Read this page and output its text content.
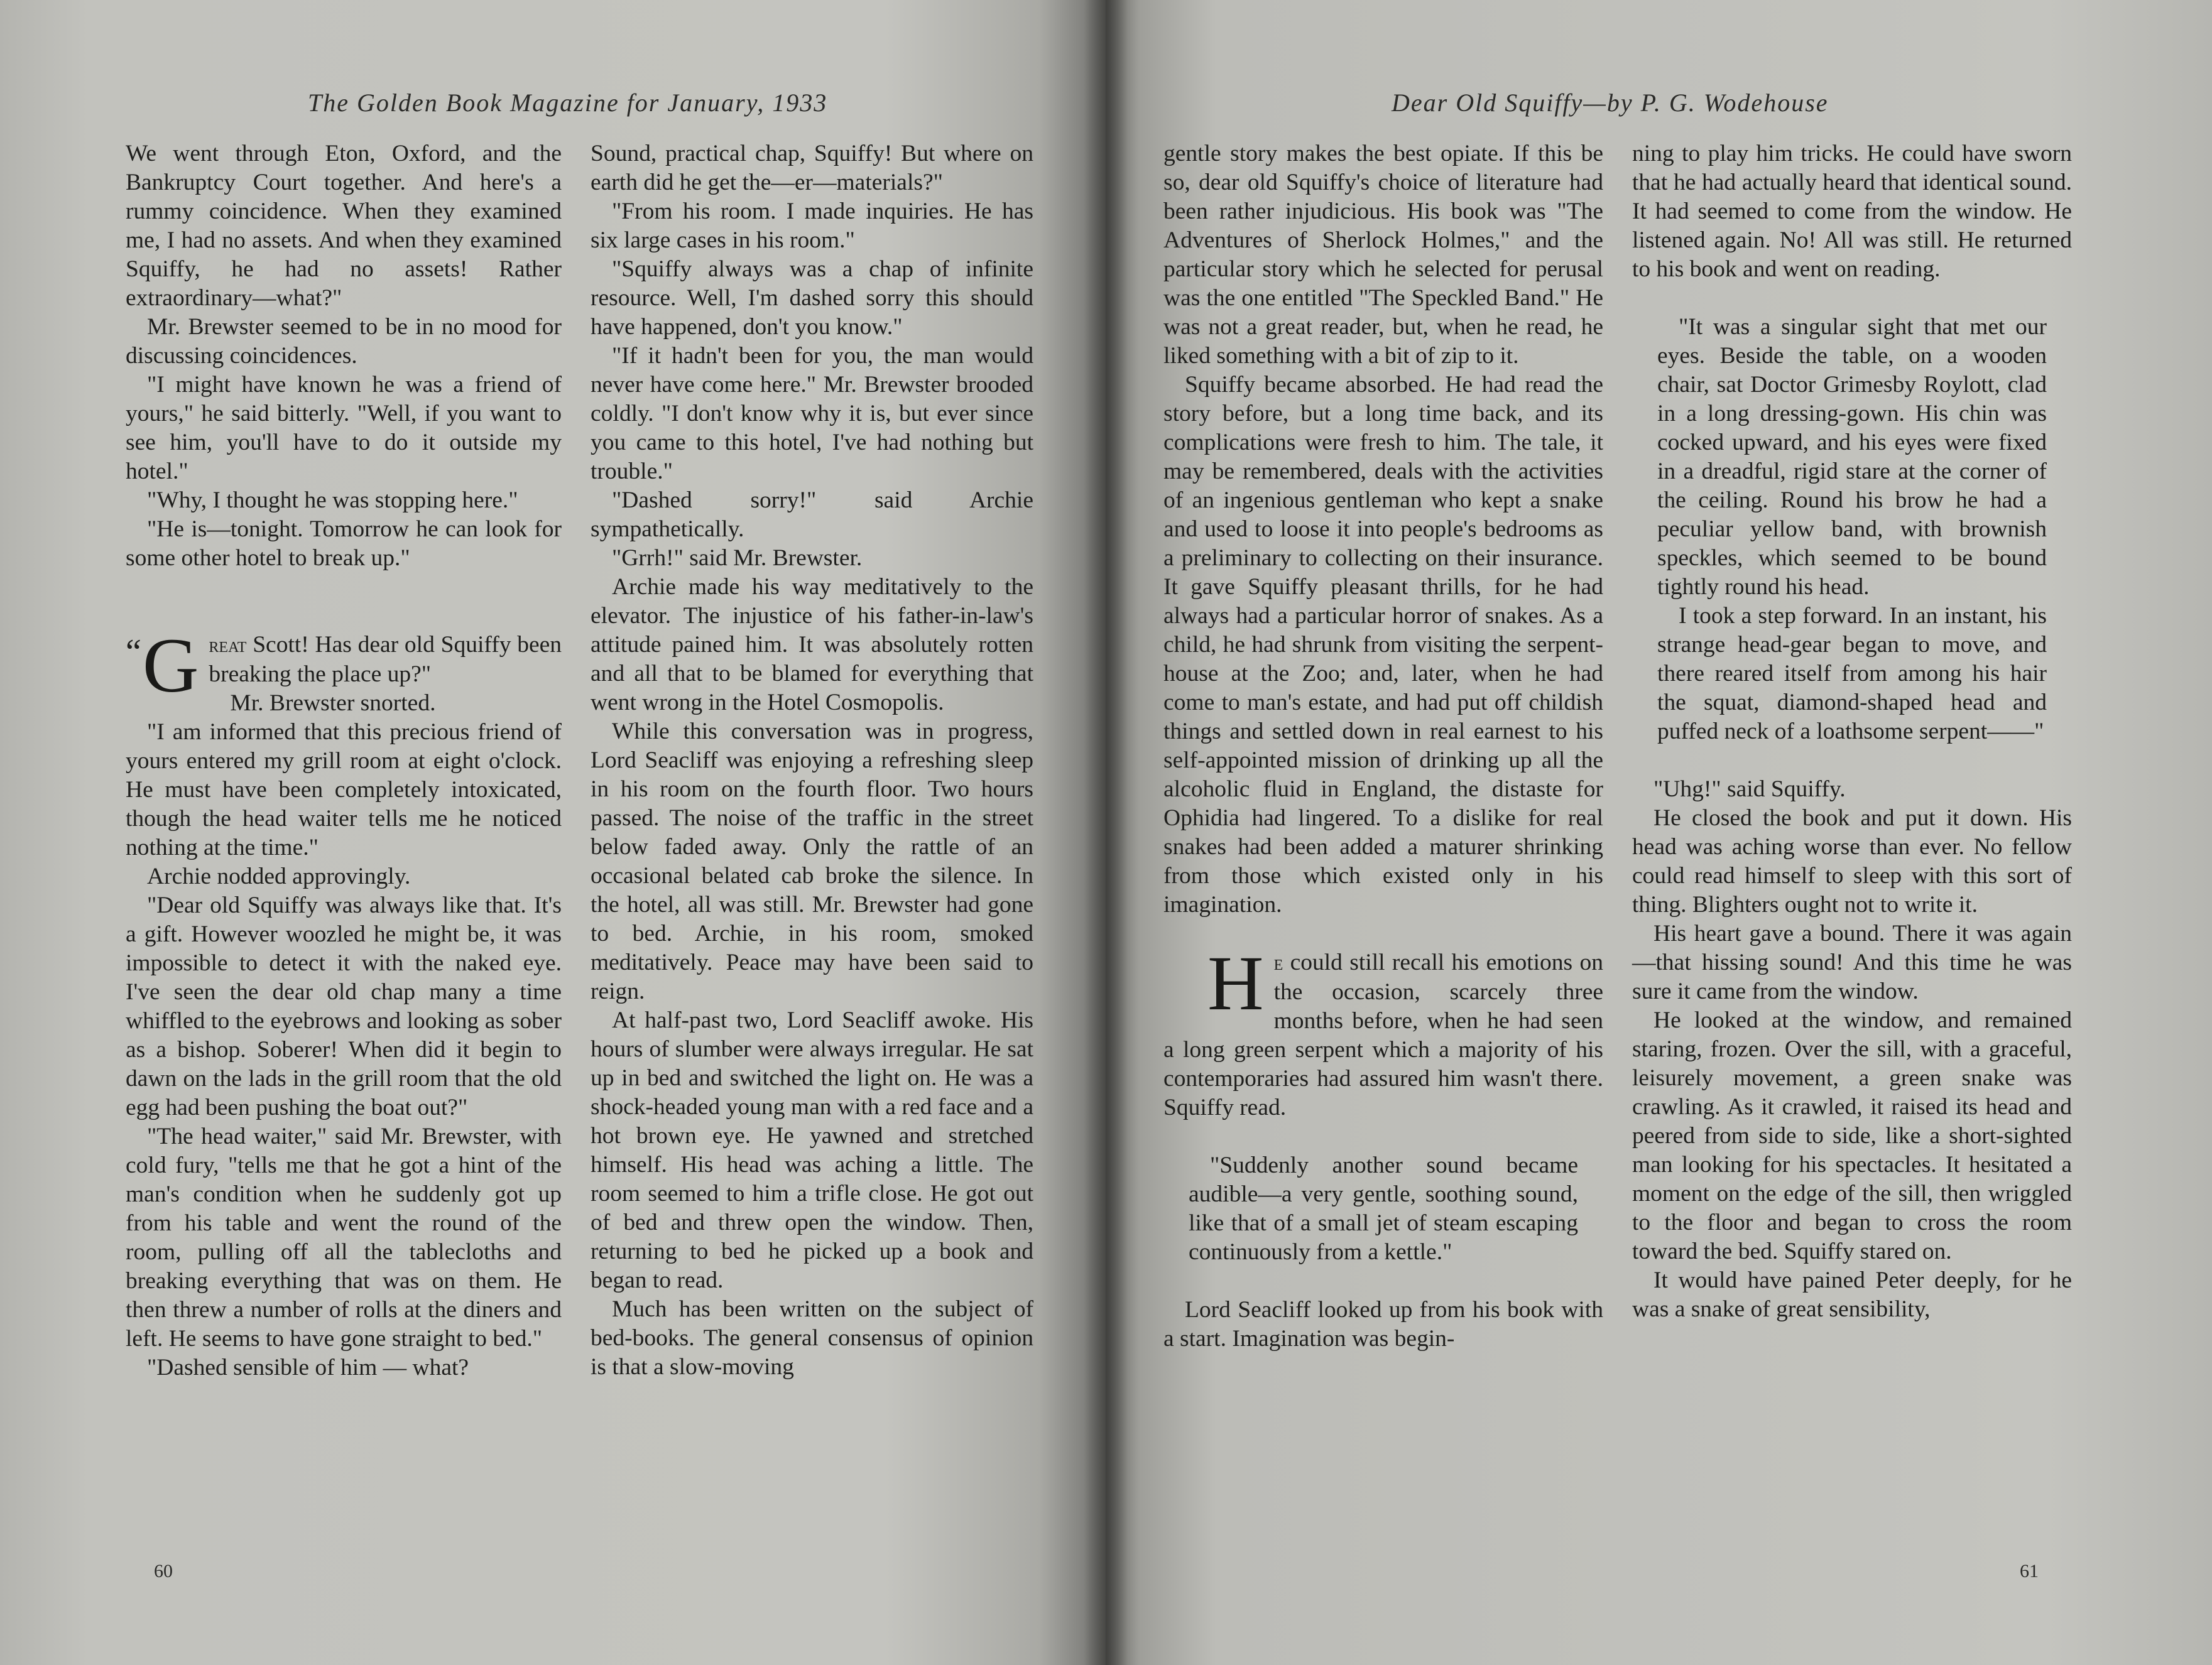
The Golden Book Magazine for January, 1933

We went through Eton, Oxford, and the Bankruptcy Court together. And here's a rummy coincidence. When they examined me, I had no assets. And when they examined Squiffy, he had no assets! Rather extraordinary—what?"

Mr. Brewster seemed to be in no mood for discussing coincidences.

"I might have known he was a friend of yours," he said bitterly. "Well, if you want to see him, you'll have to do it outside my hotel."

"Why, I thought he was stopping here."

"He is—tonight. Tomorrow he can look for some other hotel to break up."

“ G reat Scott! Has dear old Squiffy been breaking the place up?"

Mr. Brewster snorted.

"I am informed that this precious friend of yours entered my grill room at eight o'clock. He must have been completely intoxicated, though the head waiter tells me he noticed nothing at the time."

Archie nodded approvingly.

"Dear old Squiffy was always like that. It's a gift. However woozled he might be, it was impossible to detect it with the naked eye. I've seen the dear old chap many a time whiffled to the eyebrows and looking as sober as a bishop. Soberer! When did it begin to dawn on the lads in the grill room that the old egg had been pushing the boat out?"

"The head waiter," said Mr. Brewster, with cold fury, "tells me that he got a hint of the man's condition when he suddenly got up from his table and went the round of the room, pulling off all the tablecloths and breaking everything that was on them. He then threw a number of rolls at the diners and left. He seems to have gone straight to bed."

"Dashed sensible of him — what?

Sound, practical chap, Squiffy! But where on earth did he get the—er—materials?"

"From his room. I made inquiries. He has six large cases in his room."

"Squiffy always was a chap of infinite resource. Well, I'm dashed sorry this should have happened, don't you know."

"If it hadn't been for you, the man would never have come here." Mr. Brewster brooded coldly. "I don't know why it is, but ever since you came to this hotel, I've had nothing but trouble."

"Dashed sorry!" said Archie sympathetically.

"Grrh!" said Mr. Brewster.

Archie made his way meditatively to the elevator. The injustice of his father-in-law's attitude pained him. It was absolutely rotten and all that to be blamed for everything that went wrong in the Hotel Cosmopolis.

While this conversation was in progress, Lord Seacliff was enjoying a refreshing sleep in his room on the fourth floor. Two hours passed. The noise of the traffic in the street below faded away. Only the rattle of an occasional belated cab broke the silence. In the hotel, all was still. Mr. Brewster had gone to bed. Archie, in his room, smoked meditatively. Peace may have been said to reign.

At half-past two, Lord Seacliff awoke. His hours of slumber were always irregular. He sat up in bed and switched the light on. He was a shock-headed young man with a red face and a hot brown eye. He yawned and stretched himself. His head was aching a little. The room seemed to him a trifle close. He got out of bed and threw open the window. Then, returning to bed he picked up a book and began to read.

Much has been written on the subject of bed-books. The general consensus of opinion is that a slow-moving

60
Dear Old Squiffy—by P. G. Wodehouse

gentle story makes the best opiate. If this be so, dear old Squiffy's choice of literature had been rather injudicious. His book was "The Adventures of Sherlock Holmes," and the particular story which he selected for perusal was the one entitled "The Speckled Band." He was not a great reader, but, when he read, he liked something with a bit of zip to it.

Squiffy became absorbed. He had read the story before, but a long time back, and its complications were fresh to him. The tale, it may be remembered, deals with the activities of an ingenious gentleman who kept a snake and used to loose it into people's bedrooms as a preliminary to collecting on their insurance. It gave Squiffy pleasant thrills, for he had always had a particular horror of snakes. As a child, he had shrunk from visiting the serpent-house at the Zoo; and, later, when he had come to man's estate, and had put off childish things and settled down in real earnest to his self-appointed mission of drinking up all the alcoholic fluid in England, the distaste for Ophidia had lingered. To a dislike for real snakes had been added a maturer shrinking from those which existed only in his imagination.

He could still recall his emotions on the occasion, scarcely three months before, when he had seen a long green serpent which a majority of his contemporaries had assured him wasn't there. Squiffy read.

"Suddenly another sound became audible—a very gentle, soothing sound, like that of a small jet of steam escaping continuously from a kettle."

Lord Seacliff looked up from his book with a start. Imagination was begin-

ning to play him tricks. He could have sworn that he had actually heard that identical sound. It had seemed to come from the window. He listened again. No! All was still. He returned to his book and went on reading.

"It was a singular sight that met our eyes. Beside the table, on a wooden chair, sat Doctor Grimesby Roylott, clad in a long dressing-gown. His chin was cocked upward, and his eyes were fixed in a dreadful, rigid stare at the corner of the ceiling. Round his brow he had a peculiar yellow band, with brownish speckles, which seemed to be bound tightly round his head.

I took a step forward. In an instant, his strange head-gear began to move, and there reared itself from among his hair the squat, diamond-shaped head and puffed neck of a loathsome serpent——"

"Uhg!" said Squiffy.

He closed the book and put it down. His head was aching worse than ever. No fellow could read himself to sleep with this sort of thing. Blighters ought not to write it.

His heart gave a bound. There it was again—that hissing sound! And this time he was sure it came from the window.

He looked at the window, and remained staring, frozen. Over the sill, with a graceful, leisurely movement, a green snake was crawling. As it crawled, it raised its head and peered from side to side, like a short-sighted man looking for his spectacles. It hesitated a moment on the edge of the sill, then wriggled to the floor and began to cross the room toward the bed. Squiffy stared on.

It would have pained Peter deeply, for he was a snake of great sensibility,

61
